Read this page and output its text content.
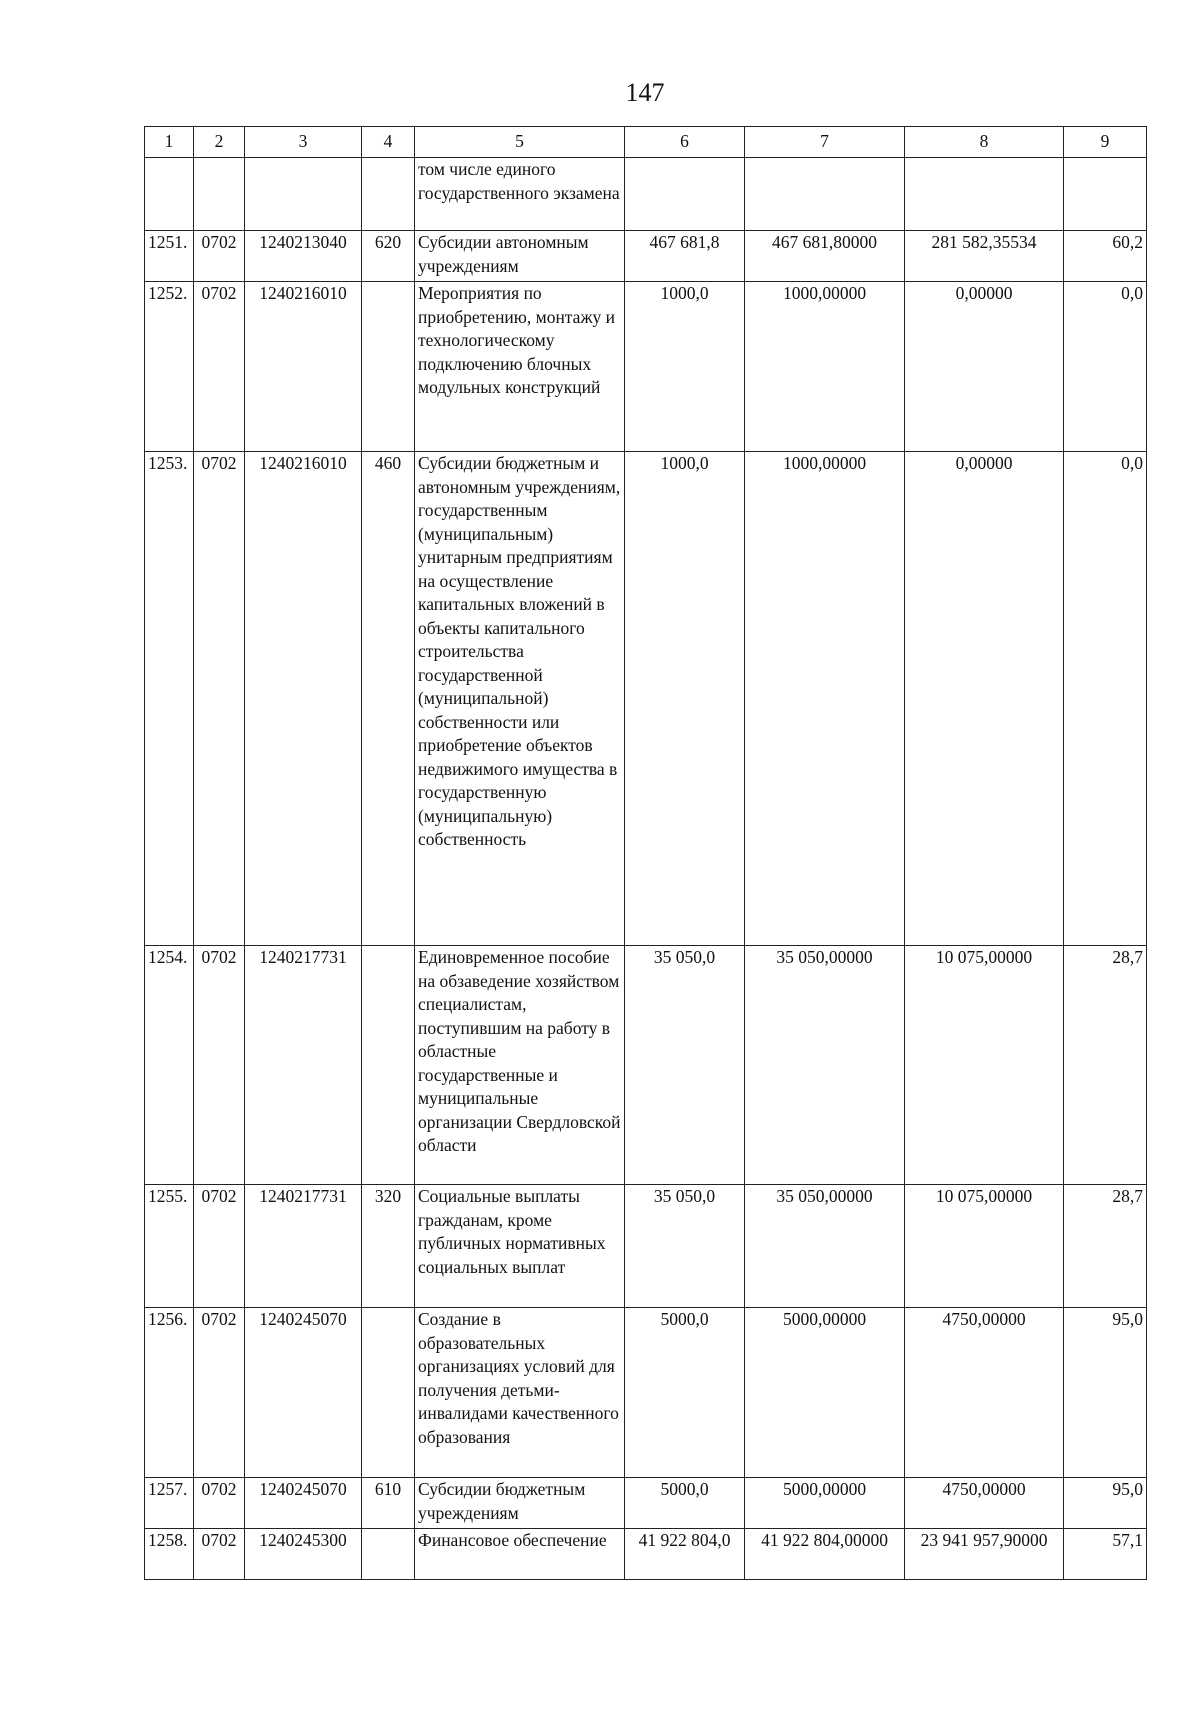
147
1	2	3	4	5	6	7	8	9
				том числе единого государственного экзамена				
1251.	0702	1240213040	620	Субсидии автономным учреждениям	467 681,8	467 681,80000	281 582,35534	60,2
1252.	0702	1240216010		Мероприятия по приобретению, монтажу и технологическому подключению блочных модульных конструкций	1000,0	1000,00000	0,00000	0,0
1253.	0702	1240216010	460	Субсидии бюджетным и автономным учреждениям, государственным (муниципальным) унитарным предприятиям на осуществление капитальных вложений в объекты капитального строительства государственной (муниципальной) собственности или приобретение объектов недвижимого имущества в государственную (муниципальную) собственность	1000,0	1000,00000	0,00000	0,0
1254.	0702	1240217731		Единовременное пособие на обзаведение хозяйством специалистам, поступившим на работу в областные государственные и муниципальные организации Свердловской области	35 050,0	35 050,00000	10 075,00000	28,7
1255.	0702	1240217731	320	Социальные выплаты гражданам, кроме публичных нормативных социальных выплат	35 050,0	35 050,00000	10 075,00000	28,7
1256.	0702	1240245070		Создание в образовательных организациях условий для получения детьми-инвалидами качественного образования	5000,0	5000,00000	4750,00000	95,0
1257.	0702	1240245070	610	Субсидии бюджетным учреждениям	5000,0	5000,00000	4750,00000	95,0
1258.	0702	1240245300		Финансовое обеспечение	41 922 804,0	41 922 804,00000	23 941 957,90000	57,1
